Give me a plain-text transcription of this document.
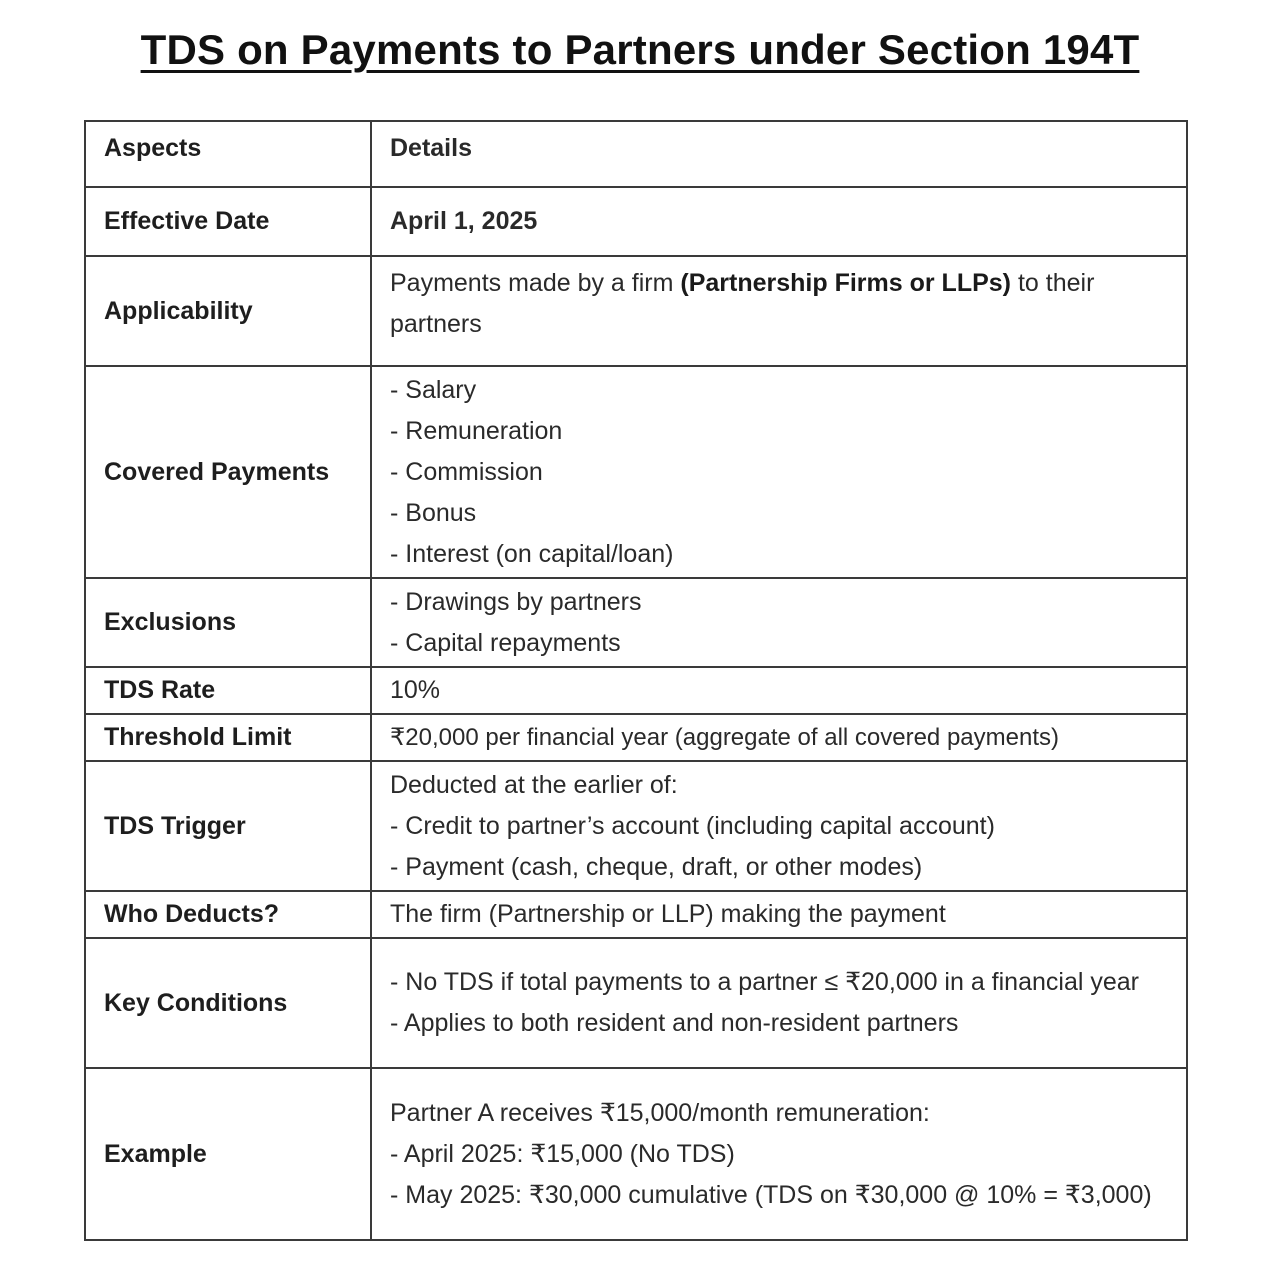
TDS on Payments to Partners under Section 194T
Aspects	Details
Effective Date	April 1, 2025
Applicability	Payments made by a firm (Partnership Firms or LLPs) to their partners
Covered Payments	- Salary
- Remuneration
- Commission
- Bonus
- Interest (on capital/loan)

Exclusions	- Drawings by partners
- Capital repayments

TDS Rate	10%
Threshold Limit	₹20,000 per financial year (aggregate of all covered payments)
TDS Trigger	Deducted at the earlier of:
- Credit to partner’s account (including capital account)
- Payment (cash, cheque, draft, or other modes)

Who Deducts?	The firm (Partnership or LLP) making the payment
Key Conditions	- No TDS if total payments to a partner ≤ ₹20,000 in a financial year
- Applies to both resident and non-resident partners

Example	Partner A receives ₹15,000/month remuneration:
- April 2025: ₹15,000 (No TDS)
- May 2025: ₹30,000 cumulative (TDS on ₹30,000 @ 10% = ₹3,000)
